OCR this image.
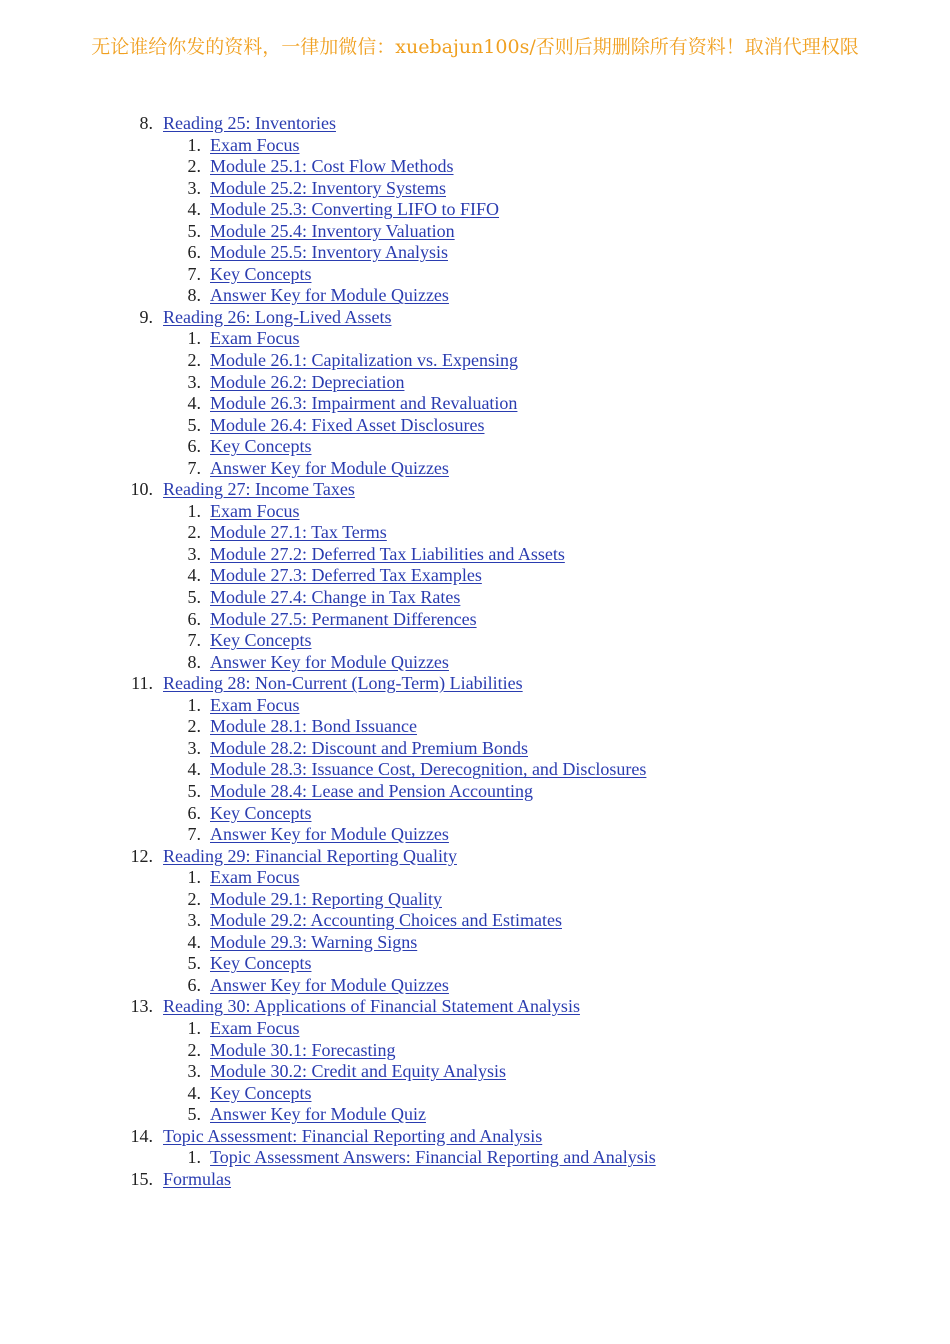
无论谁给你发的资料，一律加微信：xuebajun100s/否则后期删除所有资料！取消代理权限
8. Reading 25: Inventories
1. Exam Focus
2. Module 25.1: Cost Flow Methods
3. Module 25.2: Inventory Systems
4. Module 25.3: Converting LIFO to FIFO
5. Module 25.4: Inventory Valuation
6. Module 25.5: Inventory Analysis
7. Key Concepts
8. Answer Key for Module Quizzes
9. Reading 26: Long-Lived Assets
1. Exam Focus
2. Module 26.1: Capitalization vs. Expensing
3. Module 26.2: Depreciation
4. Module 26.3: Impairment and Revaluation
5. Module 26.4: Fixed Asset Disclosures
6. Key Concepts
7. Answer Key for Module Quizzes
10. Reading 27: Income Taxes
1. Exam Focus
2. Module 27.1: Tax Terms
3. Module 27.2: Deferred Tax Liabilities and Assets
4. Module 27.3: Deferred Tax Examples
5. Module 27.4: Change in Tax Rates
6. Module 27.5: Permanent Differences
7. Key Concepts
8. Answer Key for Module Quizzes
11. Reading 28: Non-Current (Long-Term) Liabilities
1. Exam Focus
2. Module 28.1: Bond Issuance
3. Module 28.2: Discount and Premium Bonds
4. Module 28.3: Issuance Cost, Derecognition, and Disclosures
5. Module 28.4: Lease and Pension Accounting
6. Key Concepts
7. Answer Key for Module Quizzes
12. Reading 29: Financial Reporting Quality
1. Exam Focus
2. Module 29.1: Reporting Quality
3. Module 29.2: Accounting Choices and Estimates
4. Module 29.3: Warning Signs
5. Key Concepts
6. Answer Key for Module Quizzes
13. Reading 30: Applications of Financial Statement Analysis
1. Exam Focus
2. Module 30.1: Forecasting
3. Module 30.2: Credit and Equity Analysis
4. Key Concepts
5. Answer Key for Module Quiz
14. Topic Assessment: Financial Reporting and Analysis
1. Topic Assessment Answers: Financial Reporting and Analysis
15. Formulas
